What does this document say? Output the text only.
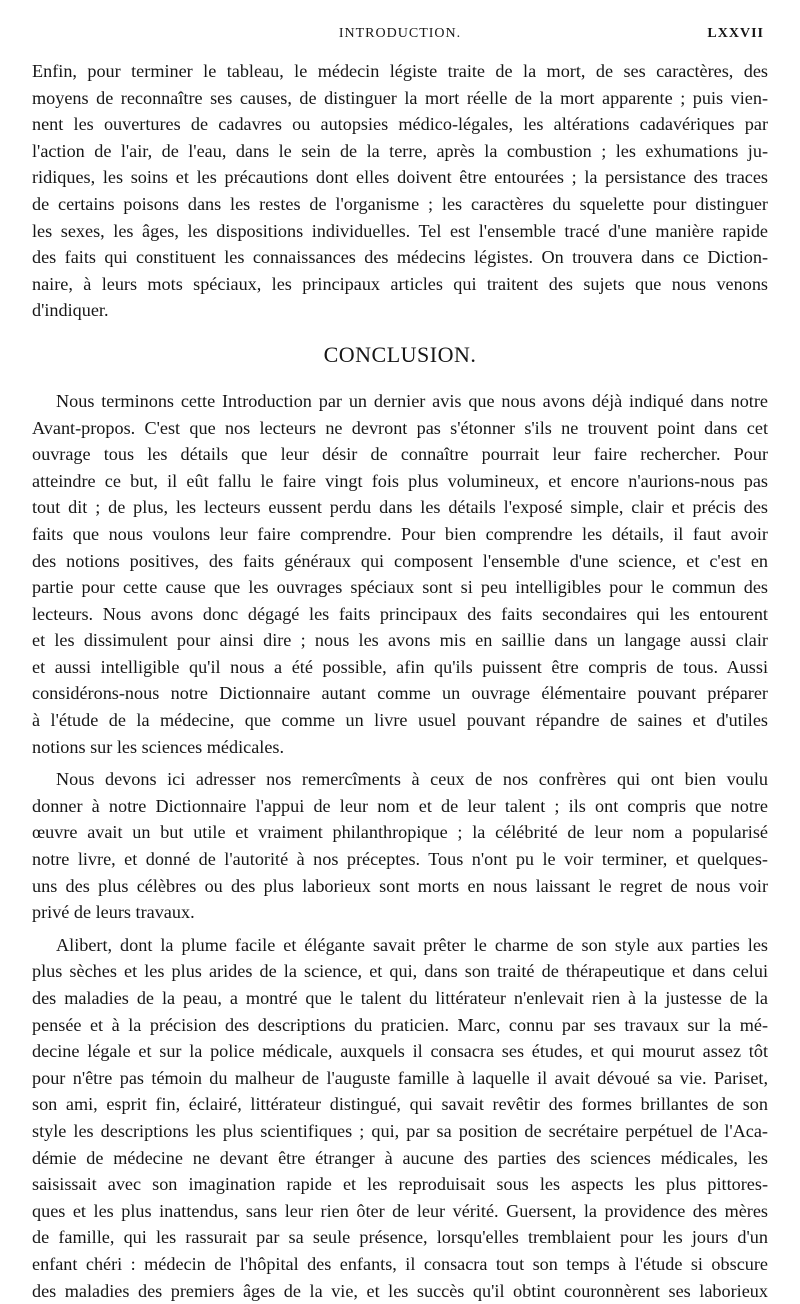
INTRODUCTION.	LXXVII
Enfin, pour terminer le tableau, le médecin légiste traite de la mort, de ses caractères, des
moyens de reconnaître ses causes, de distinguer la mort réelle de la mort apparente ; puis vien-
nent les ouvertures de cadavres ou autopsies médico-légales, les altérations cadavériques par
l'action de l'air, de l'eau, dans le sein de la terre, après la combustion ; les exhumations ju-
ridiques, les soins et les précautions dont elles doivent être entourées ; la persistance des traces
de certains poisons dans les restes de l'organisme ; les caractères du squelette pour distinguer
les sexes, les âges, les dispositions individuelles. Tel est l'ensemble tracé d'une manière rapide
des faits qui constituent les connaissances des médecins légistes. On trouvera dans ce Diction-
naire, à leurs mots spéciaux, les principaux articles qui traitent des sujets que nous venons
d'indiquer.
CONCLUSION.
Nous terminons cette Introduction par un dernier avis que nous avons déjà indiqué dans notre
Avant-propos. C'est que nos lecteurs ne devront pas s'étonner s'ils ne trouvent point dans cet
ouvrage tous les détails que leur désir de connaître pourrait leur faire rechercher. Pour
atteindre ce but, il eût fallu le faire vingt fois plus volumineux, et encore n'aurions-nous pas
tout dit ; de plus, les lecteurs eussent perdu dans les détails l'exposé simple, clair et précis des
faits que nous voulons leur faire comprendre. Pour bien comprendre les détails, il faut avoir
des notions positives, des faits généraux qui composent l'ensemble d'une science, et c'est en
partie pour cette cause que les ouvrages spéciaux sont si peu intelligibles pour le commun des
lecteurs. Nous avons donc dégagé les faits principaux des faits secondaires qui les entourent
et les dissimulent pour ainsi dire ; nous les avons mis en saillie dans un langage aussi clair
et aussi intelligible qu'il nous a été possible, afin qu'ils puissent être compris de tous. Aussi
considérons-nous notre Dictionnaire autant comme un ouvrage élémentaire pouvant préparer
à l'étude de la médecine, que comme un livre usuel pouvant répandre de saines et d'utiles
notions sur les sciences médicales.
Nous devons ici adresser nos remercîments à ceux de nos confrères qui ont bien voulu
donner à notre Dictionnaire l'appui de leur nom et de leur talent ; ils ont compris que notre
œuvre avait un but utile et vraiment philanthropique ; la célébrité de leur nom a popularisé
notre livre, et donné de l'autorité à nos préceptes. Tous n'ont pu le voir terminer, et quelques-
uns des plus célèbres ou des plus laborieux sont morts en nous laissant le regret de nous voir
privé de leurs travaux.
Alibert, dont la plume facile et élégante savait prêter le charme de son style aux parties les
plus sèches et les plus arides de la science, et qui, dans son traité de thérapeutique et dans celui
des maladies de la peau, a montré que le talent du littérateur n'enlevait rien à la justesse de la
pensée et à la précision des descriptions du praticien. Marc, connu par ses travaux sur la mé-
decine légale et sur la police médicale, auxquels il consacra ses études, et qui mourut assez tôt
pour n'être pas témoin du malheur de l'auguste famille à laquelle il avait dévoué sa vie. Pariset,
son ami, esprit fin, éclairé, littérateur distingué, qui savait revêtir des formes brillantes de son
style les descriptions les plus scientifiques ; qui, par sa position de secrétaire perpétuel de l'Aca-
démie de médecine ne devant être étranger à aucune des parties des sciences médicales, les
saisissait avec son imagination rapide et les reproduisait sous les aspects les plus pittores-
ques et les plus inattendus, sans leur rien ôter de leur vérité. Guersent, la providence des mères
de famille, qui les rassurait par sa seule présence, lorsqu'elles tremblaient pour les jours d'un
enfant chéri : médecin de l'hôpital des enfants, il consacra tout son temps à l'étude si obscure
des maladies des premiers âges de la vie, et les succès qu'il obtint couronnèrent ses laborieux
